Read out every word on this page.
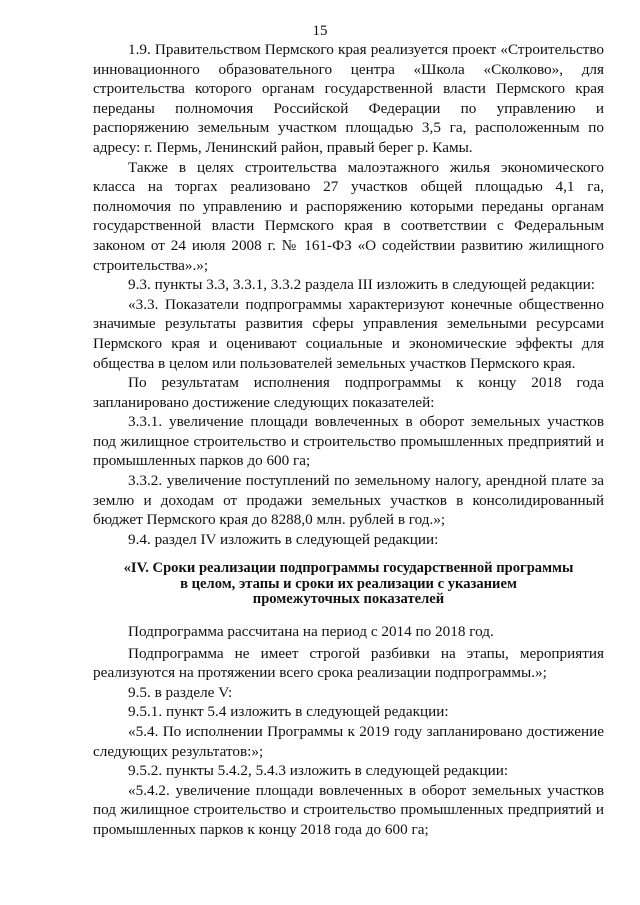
15

1.9. Правительством Пермского края реализуется проект «Строительство инновационного образовательного центра «Школа «Сколково», для строительства которого органам государственной власти Пермского края переданы полномочия Российской Федерации по управлению и распоряжению земельным участком площадью 3,5 га, расположенным по адресу: г. Пермь, Ленинский район, правый берег р. Камы.

Также в целях строительства малоэтажного жилья экономического класса на торгах реализовано 27 участков общей площадью 4,1 га, полномочия по управлению и распоряжению которыми переданы органам государственной власти Пермского края в соответствии с Федеральным законом от 24 июля 2008 г. № 161-ФЗ «О содействии развитию жилищного строительства».»;

9.3. пункты 3.3, 3.3.1, 3.3.2 раздела III изложить в следующей редакции:

«3.3. Показатели подпрограммы характеризуют конечные общественно значимые результаты развития сферы управления земельными ресурсами Пермского края и оценивают социальные и экономические эффекты для общества в целом или пользователей земельных участков Пермского края.

По результатам исполнения подпрограммы к концу 2018 года запланировано достижение следующих показателей:

3.3.1. увеличение площади вовлеченных в оборот земельных участков под жилищное строительство и строительство промышленных предприятий и промышленных парков до 600 га;

3.3.2. увеличение поступлений по земельному налогу, арендной плате за землю и доходам от продажи земельных участков в консолидированный бюджет Пермского края до 8288,0 млн. рублей в год.»;

9.4. раздел IV изложить в следующей редакции:

«IV. Сроки реализации подпрограммы государственной программы
в целом, этапы и сроки их реализации с указанием
промежуточных показателей

Подпрограмма рассчитана на период с 2014 по 2018 год.

Подпрограмма не имеет строгой разбивки на этапы, мероприятия реализуются на протяжении всего срока реализации подпрограммы.»;

9.5. в разделе V:

9.5.1. пункт 5.4 изложить в следующей редакции:

«5.4. По исполнении Программы к 2019 году запланировано достижение следующих результатов:»;

9.5.2. пункты 5.4.2, 5.4.3 изложить в следующей редакции:

«5.4.2. увеличение площади вовлеченных в оборот земельных участков под жилищное строительство и строительство промышленных предприятий и промышленных парков к концу 2018 года до 600 га;
